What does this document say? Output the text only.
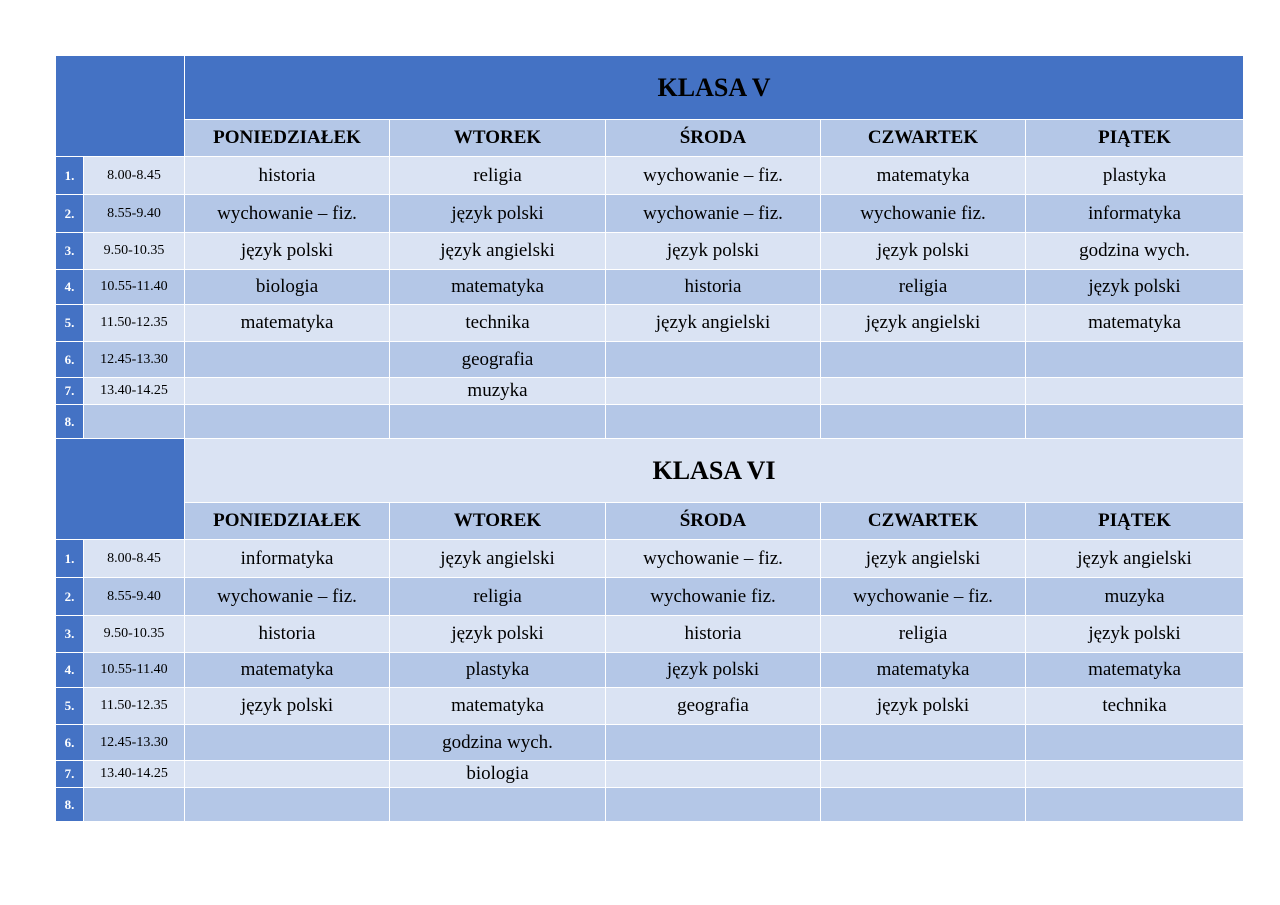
		KLASA V				
		PONIEDZIAŁEK	WTOREK	ŚRODA	CZWARTEK	PIĄTEK
1.	8.00-8.45	historia	religia	wychowanie – fiz.	matematyka	plastyka
2.	8.55-9.40	wychowanie – fiz.	język polski	wychowanie – fiz.	wychowanie fiz.	informatyka
3.	9.50-10.35	język polski	język angielski	język polski	język polski	godzina wych.
4.	10.55-11.40	biologia	matematyka	historia	religia	język polski
5.	11.50-12.35	matematyka	technika	język angielski	język angielski	matematyka
6.	12.45-13.30		geografia			
7.	13.40-14.25		muzyka			
8.						
		KLASA VI				
		PONIEDZIAŁEK	WTOREK	ŚRODA	CZWARTEK	PIĄTEK
1.	8.00-8.45	informatyka	język angielski	wychowanie – fiz.	język angielski	język angielski
2.	8.55-9.40	wychowanie – fiz.	religia	wychowanie fiz.	wychowanie – fiz.	muzyka
3.	9.50-10.35	historia	język polski	historia	religia	język polski
4.	10.55-11.40	matematyka	plastyka	język polski	matematyka	matematyka
5.	11.50-12.35	język polski	matematyka	geografia	język polski	technika
6.	12.45-13.30		godzina wych.			
7.	13.40-14.25		biologia			
8.						
